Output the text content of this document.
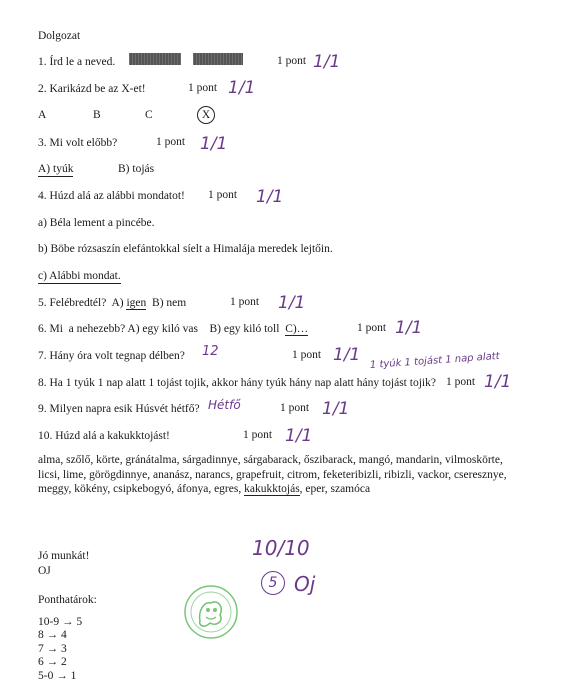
Dolgozat
1. Írd le a neved.	1 pont 1/1
2. Karikázd be az X-et!	1 pont 1/1
A	B	C	X
3. Mi volt előbb?	1 pont 1/1
A) tyúk	B) tojás
4. Húzd alá az alábbi mondatot! 1 pont 1/1
a) Béla lement a pincébe.
b) Böbe rózsaszín elefántokkal síelt a Himalája meredek lejtőin.
c) Alábbi mondat.
5. Felébredtél?  A) igen  B) nem	1 pont 1/1
6. Mi  a nehezebb? A) egy kiló vas    B) egy kiló toll  C)…	1 pont 1/1
7. Hány óra volt tegnap délben? 12	1 pont 1/1 1 tyúk 1 tojást 1 nap alatt
8. Ha 1 tyúk 1 nap alatt 1 tojást tojik, akkor hány tyúk hány nap alatt hány tojást tojik? 1 pont 1/1
9. Milyen napra esik Húsvét hétfő? Hétfő	1 pont 1/1
10. Húzd alá a kakukktojást!	1 pont 1/1
alma, szőlő, körte, gránátalma, sárgadinnye, sárgabarack, őszibarack, mangó, mandarin, vilmoskörte, licsi, lime, görögdinnye, ananász, narancs, grapefruit, citrom, feketeribizli, ribizli, vackor, cseresznye, meggy, kökény, csipkebogyó, áfonya, egres, kakukktojás, eper, szamóca
Jó munkát!
OJ
10/10
5 Oj
Ponthatárok:
10-9 → 5
8 → 4
7 → 3
6 → 2
5-0 → 1
